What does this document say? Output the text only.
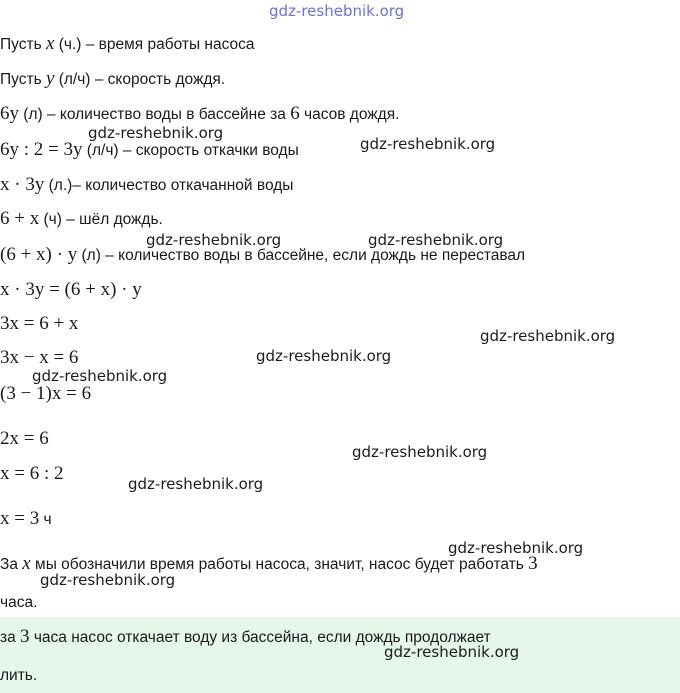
gdz-reshebnik.org
Пусть x (ч.) – время работы насоса
Пусть y (л/ч) – скорость дождя.
6y (л) – количество воды в бассейне за 6 часов дождя.
6y : 2 = 3y (л/ч) – скорость откачки воды
x · 3y (л.)– количество откачанной воды
6 + x (ч) – шёл дождь.
(6 + x) · y (л) – количество воды в бассейне, если дождь не переставал
x · 3y = (6 + x) · y
3x = 6 + x
3x − x = 6
(3 − 1)x = 6
2x = 6
x = 6 : 2
x = 3 ч
За x мы обозначили время работы насоса, значит, насос будет работать 3
часа.
за 3 часа насос откачает воду из бассейна, если дождь продолжает
лить.
gdz-reshebnik.org
gdz-reshebnik.org
gdz-reshebnik.org	gdz-reshebnik.org
gdz-reshebnik.org
gdz-reshebnik.org
gdz-reshebnik.org
gdz-reshebnik.org
gdz-reshebnik.org
gdz-reshebnik.org
gdz-reshebnik.org
gdz-reshebnik.org
